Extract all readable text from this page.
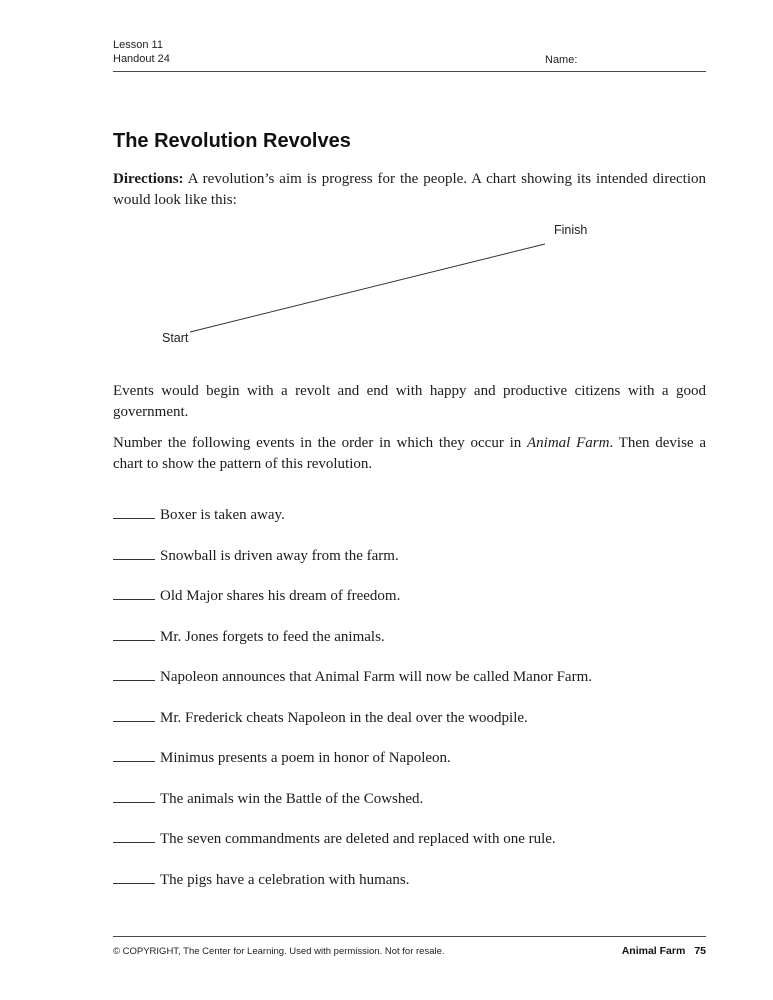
Lesson 11
Handout 24	Name:
The Revolution Revolves

Directions: A revolution’s aim is progress for the people. A chart showing its intended direction would look like this:

Finish
Start

Events would begin with a revolt and end with happy and productive citizens with a good government.

Number the following events in the order in which they occur in Animal Farm. Then devise a chart to show the pattern of this revolution.

Boxer is taken away.
Snowball is driven away from the farm.
Old Major shares his dream of freedom.
Mr. Jones forgets to feed the animals.
Napoleon announces that Animal Farm will now be called Manor Farm.
Mr. Frederick cheats Napoleon in the deal over the woodpile.
Minimus presents a poem in honor of Napoleon.
The animals win the Battle of the Cowshed.
The seven commandments are deleted and replaced with one rule.
The pigs have a celebration with humans.
© COPYRIGHT, The Center for Learning. Used with permission. Not for resale.	Animal Farm 75
